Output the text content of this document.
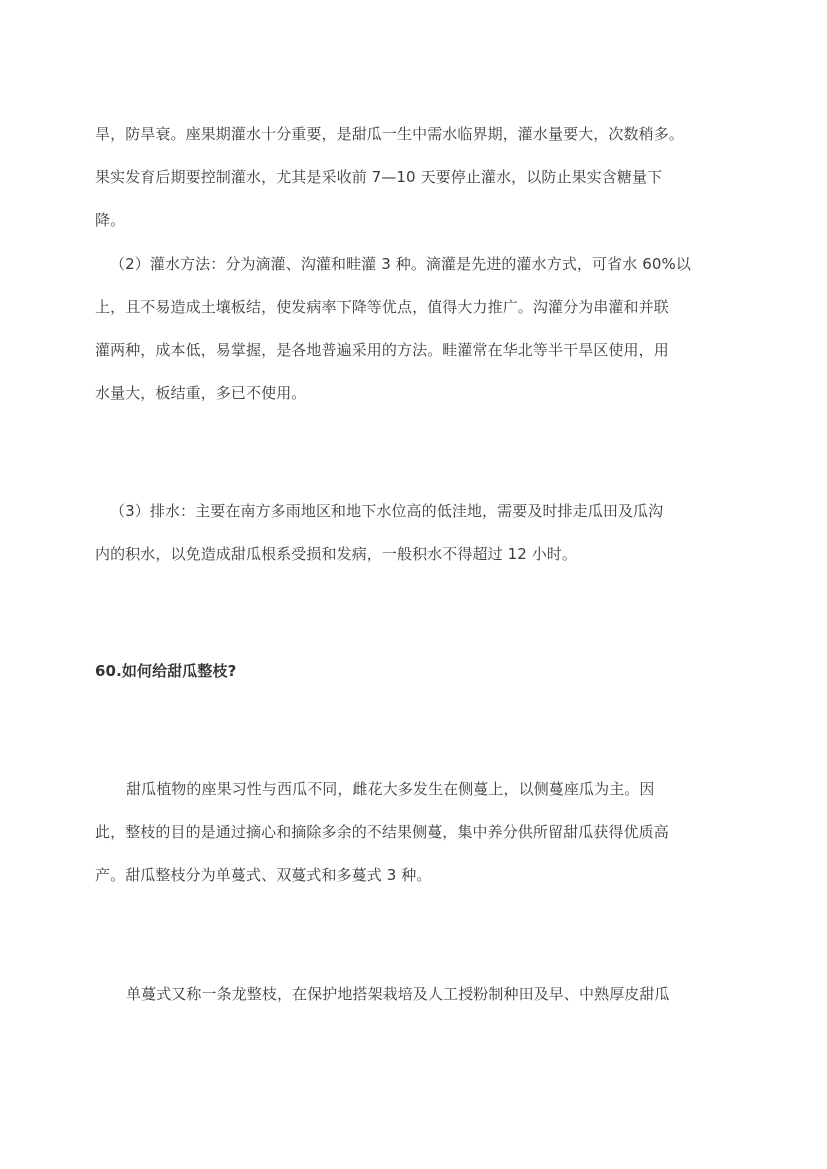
旱，防旱衰。座果期灌水十分重要，是甜瓜一生中需水临界期，灌水量要大，次数稍多。
果实发育后期要控制灌水，尤其是采收前 7—10 天要停止灌水，以防止果实含糖量下
降。
（2）灌水方法：分为滴灌、沟灌和畦灌 3 种。滴灌是先进的灌水方式，可省水 60%以
上，且不易造成土壤板结，使发病率下降等优点，值得大力推广。沟灌分为串灌和并联
灌两种，成本低，易掌握，是各地普遍采用的方法。畦灌常在华北等半干旱区使用，用
水量大，板结重，多已不使用。
（3）排水：主要在南方多雨地区和地下水位高的低洼地，需要及时排走瓜田及瓜沟
内的积水，以免造成甜瓜根系受损和发病，一般积水不得超过 12 小时。
60.如何给甜瓜整枝?
甜瓜植物的座果习性与西瓜不同，雌花大多发生在侧蔓上，以侧蔓座瓜为主。因
此，整枝的目的是通过摘心和摘除多余的不结果侧蔓，集中养分供所留甜瓜获得优质高
产。甜瓜整枝分为单蔓式、双蔓式和多蔓式 3 种。
单蔓式又称一条龙整枝，在保护地搭架栽培及人工授粉制种田及早、中熟厚皮甜瓜
